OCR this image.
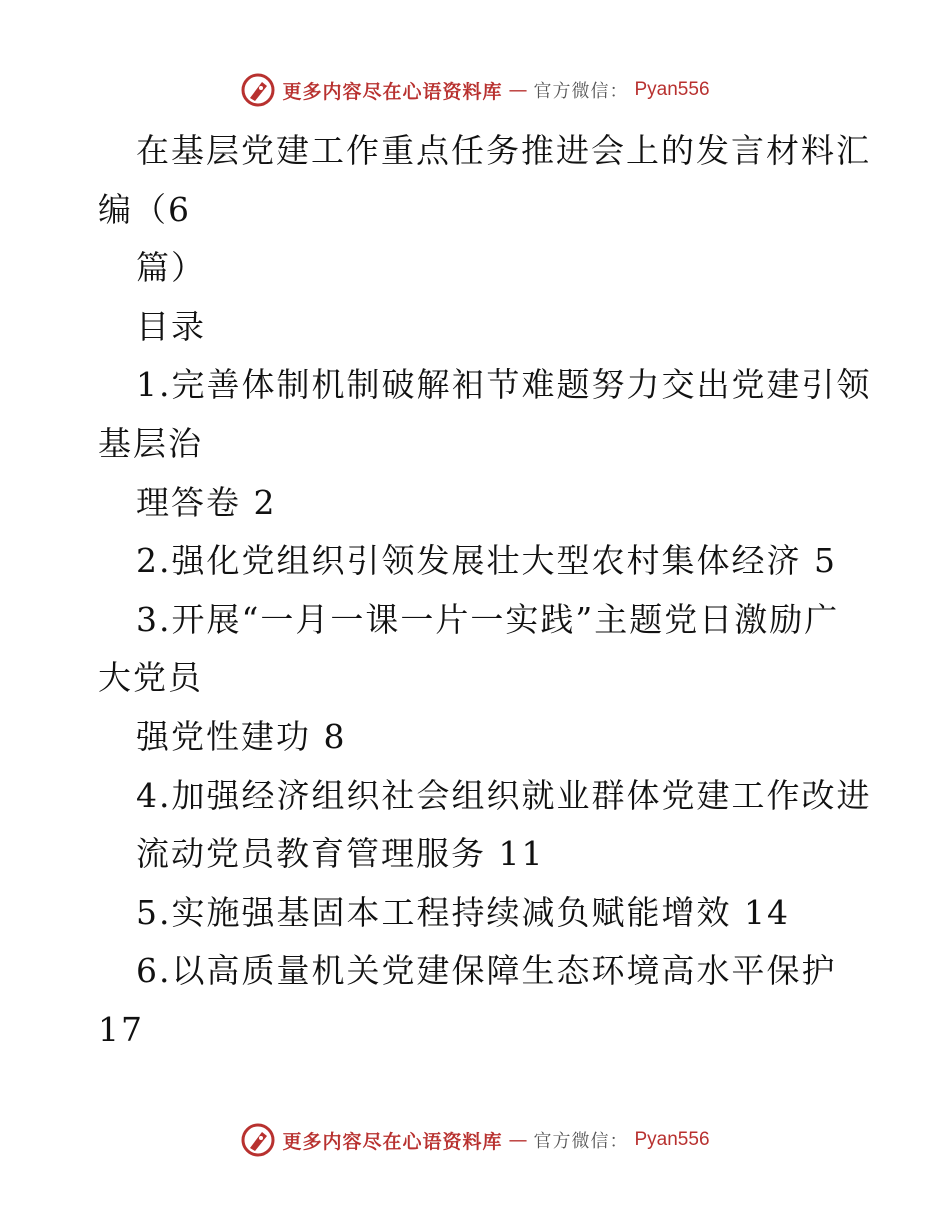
更多内容尽在心语资料库 — 官方微信： Pyan556
在基层党建工作重点任务推进会上的发言材料汇
编（6
篇）
目录
1.完善体制机制破解衵节难题努力交出党建引领
基层治
理答卷 2
2.强化党组织引领发展壮大型农村集体经济 5
3.开展“一月一课一片一实践”主题党日激励广
大党员
强党性建功 8
4.加强经济组织社会组织就业群体党建工作改进
流动党员教育管理服务 11
5.实施强基固本工程持续减负赋能增效 14
6.以高质量机关党建保障生态环境高水平保护
17
更多内容尽在心语资料库 — 官方微信： Pyan556
